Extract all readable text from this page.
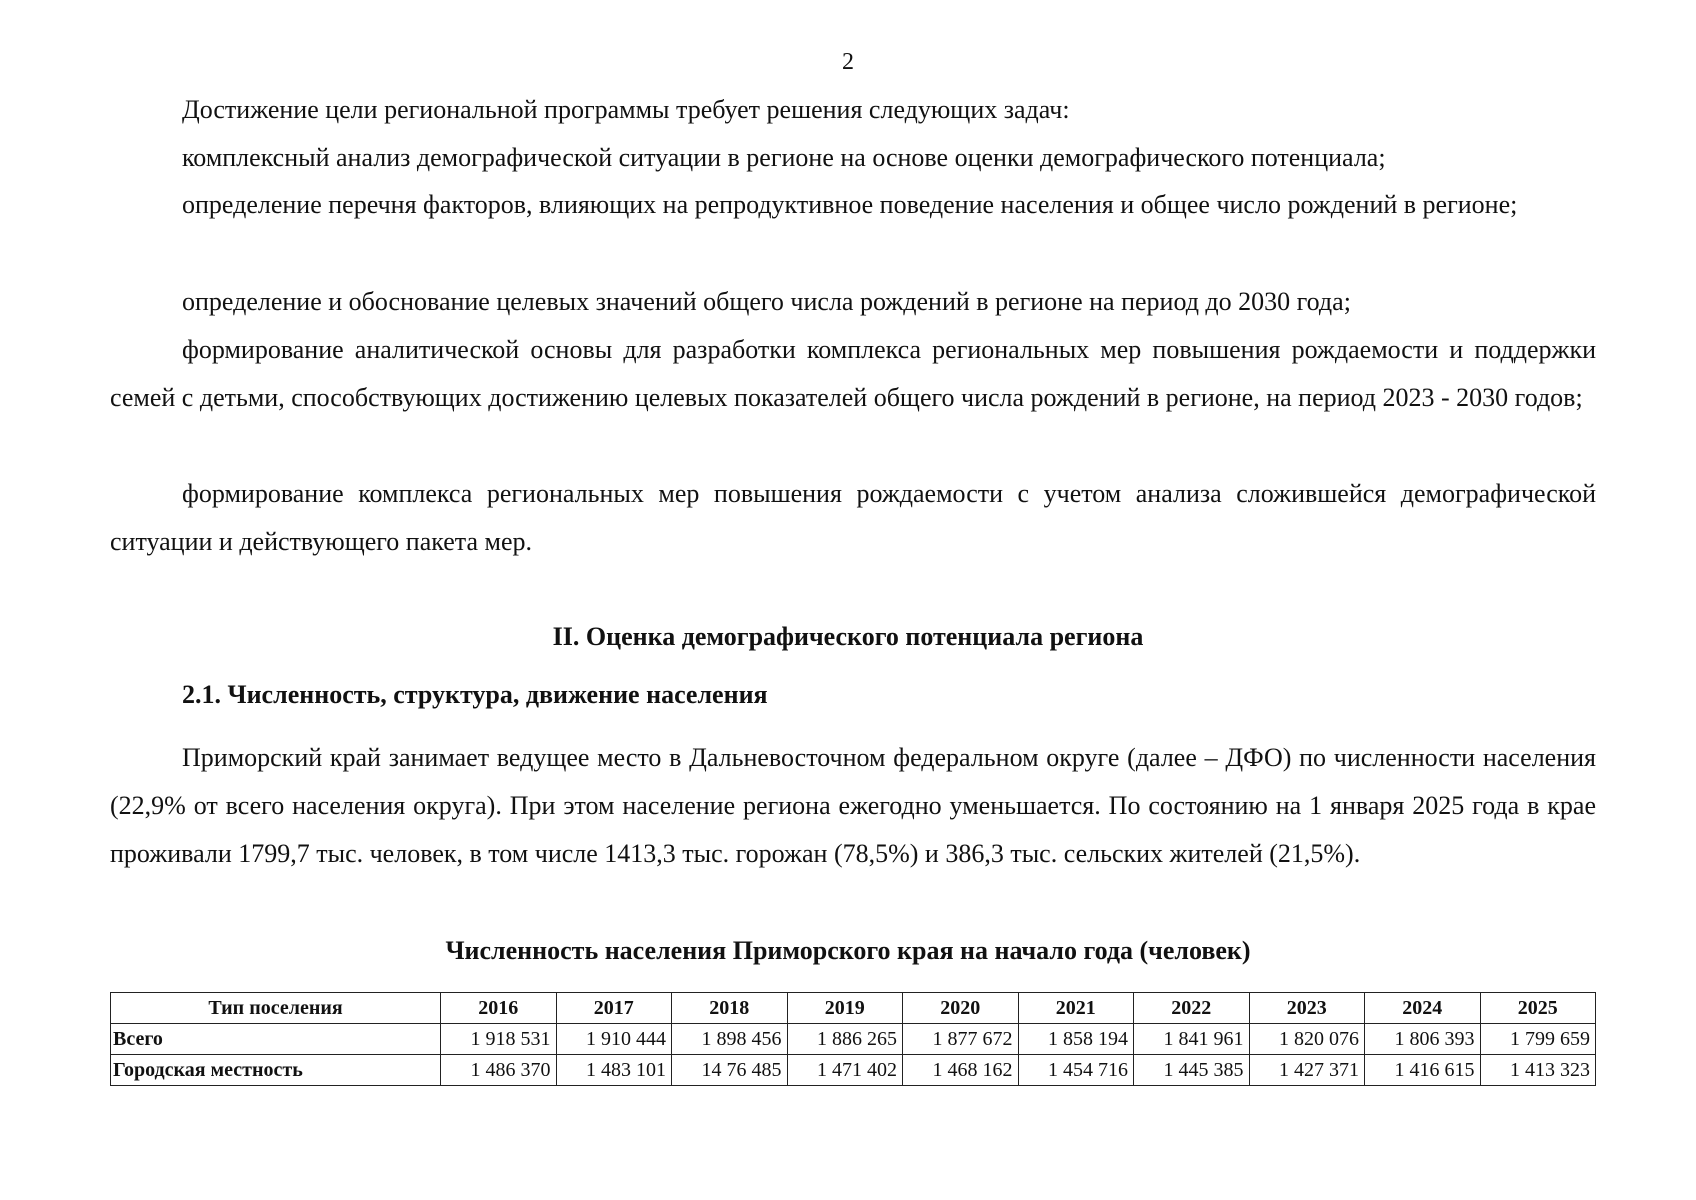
2

Достижение цели региональной программы требует решения следующих задач:

комплексный анализ демографической ситуации в регионе на основе оценки демографического потенциала;

определение перечня факторов, влияющих на репродуктивное поведение населения и общее число рождений в регионе;

определение и обоснование целевых значений общего числа рождений в регионе на период до 2030 года;

формирование аналитической основы для разработки комплекса региональных мер повышения рождаемости и поддержки семей с детьми, способствующих достижению целевых показателей общего числа рождений в регионе, на период 2023 - 2030 годов;

формирование комплекса региональных мер повышения рождаемости с учетом анализа сложившейся демографической ситуации и действующего пакета мер.

II. Оценка демографического потенциала региона
2.1. Численность, структура, движение населения

Приморский край занимает ведущее место в Дальневосточном федеральном округе (далее – ДФО) по численности населения (22,9% от всего населения округа). При этом население региона ежегодно уменьшается. По состоянию на 1 января 2025 года в крае проживали 1799,7 тыс. человек, в том числе 1413,3 тыс. горожан (78,5%) и 386,3 тыс. сельских жителей (21,5%).

Численность населения Приморского края на начало года (человек)
Тип поселения	2016	2017	2018	2019	2020	2021	2022	2023	2024	2025
Всего	1 918 531	1 910 444	1 898 456	1 886 265	1 877 672	1 858 194	1 841 961	1 820 076	1 806 393	1 799 659
Городская местность	1 486 370	1 483 101	14 76 485	1 471 402	1 468 162	1 454 716	1 445 385	1 427 371	1 416 615	1 413 323
